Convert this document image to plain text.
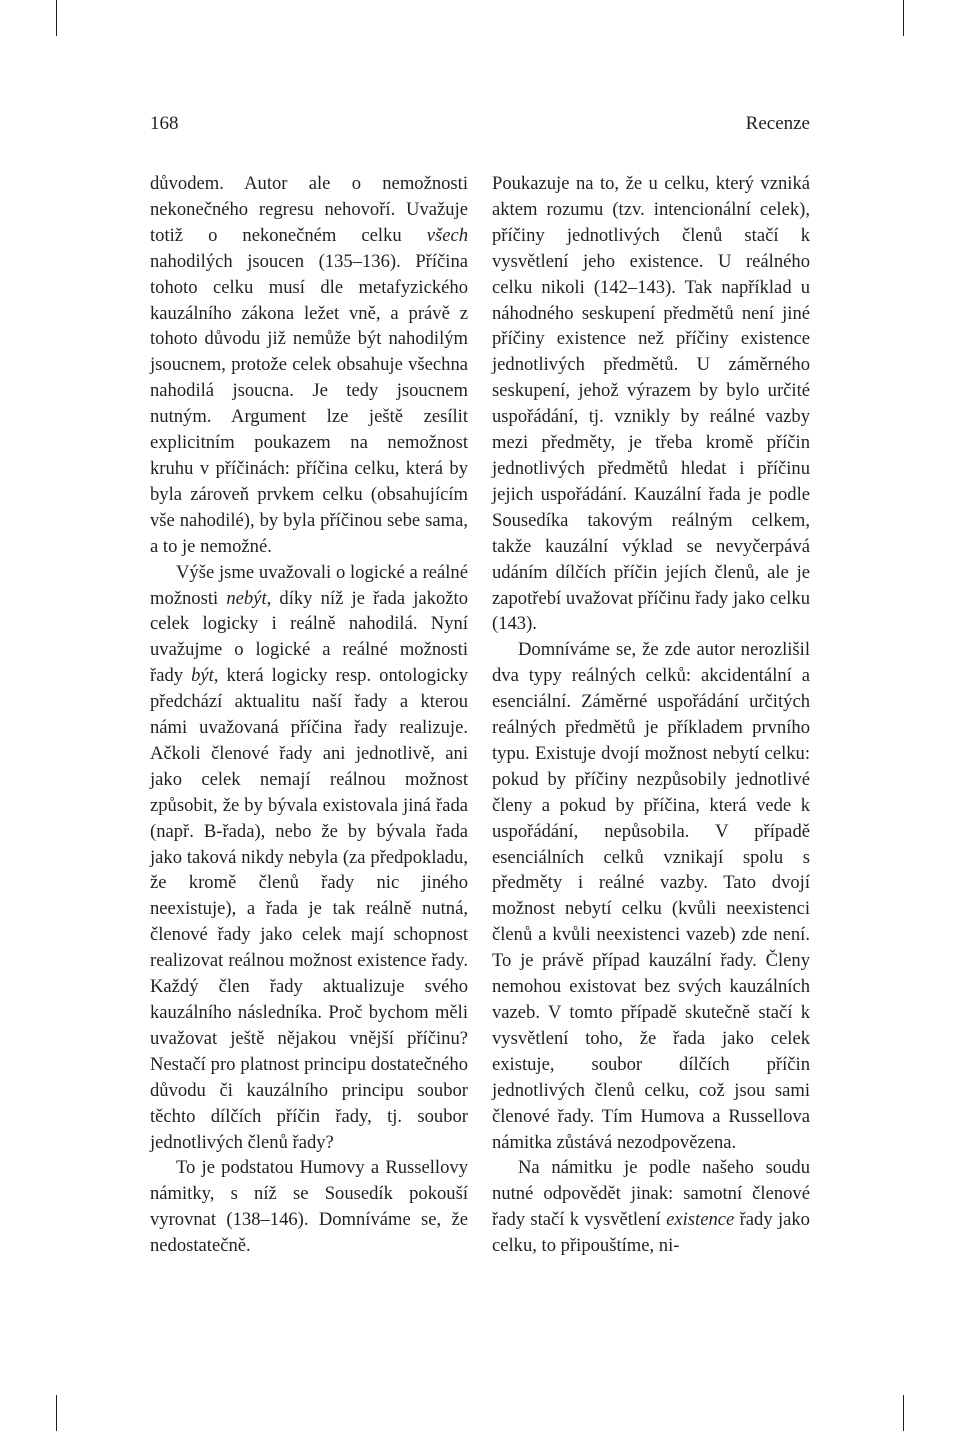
168	Recenze

důvodem. Autor ale o nemožnosti nekonečného regresu nehovoří. Uvažuje totiž o nekonečném celku všech nahodilých jsoucen (135–136). Příčina tohoto celku musí dle metafyzického kauzálního zákona ležet vně, a právě z tohoto důvodu již nemůže být nahodilým jsoucnem, protože celek obsahuje všechna nahodilá jsoucna. Je tedy jsoucnem nutným. Argument lze ještě zesílit explicitním poukazem na nemožnost kruhu v příčinách: příčina celku, která by byla zároveň prvkem celku (obsahujícím vše nahodilé), by byla příčinou sebe sama, a to je nemožné.

Výše jsme uvažovali o logické a reálné možnosti nebýt, díky níž je řada jakožto celek logicky i reálně nahodilá. Nyní uvažujme o logické a reálné možnosti řady být, která logicky resp. ontologicky předchází aktualitu naší řady a kterou námi uvažovaná příčina řady realizuje. Ačkoli členové řady ani jednotlivě, ani jako celek nemají reálnou možnost způsobit, že by bývala existovala jiná řada (např. B-řada), nebo že by bývala řada jako taková nikdy nebyla (za předpokladu, že kromě členů řady nic jiného neexistuje), a řada je tak reálně nutná, členové řady jako celek mají schopnost realizovat reálnou možnost existence řady. Každý člen řady aktualizuje svého kauzálního následníka. Proč bychom měli uvažovat ještě nějakou vnější příčinu? Nestačí pro platnost principu dostatečného důvodu či kauzálního principu soubor těchto dílčích příčin řady, tj. soubor jednotlivých členů řady?

To je podstatou Humovy a Russellovy námitky, s níž se Sousedík pokouší vyrovnat (138–146). Domníváme se, že nedostatečně.

Poukazuje na to, že u celku, který vzniká aktem rozumu (tzv. intencionální celek), příčiny jednotlivých členů stačí k vysvětlení jeho existence. U reálného celku nikoli (142–143). Tak například u náhodného seskupení předmětů není jiné příčiny existence než příčiny existence jednotlivých předmětů. U záměrného seskupení, jehož výrazem by bylo určité uspořádání, tj. vznikly by reálné vazby mezi předměty, je třeba kromě příčin jednotlivých předmětů hledat i příčinu jejich uspořádání. Kauzální řada je podle Sousedíka takovým reálným celkem, takže kauzální výklad se nevyčerpává udáním dílčích příčin jejích členů, ale je zapotřebí uvažovat příčinu řady jako celku (143).

Domníváme se, že zde autor nerozlišil dva typy reálných celků: akcidentální a esenciální. Záměrné uspořádání určitých reálných předmětů je příkladem prvního typu. Existuje dvojí možnost nebytí celku: pokud by příčiny nezpůsobily jednotlivé členy a pokud by příčina, která vede k uspořádání, nepůsobila. V případě esenciálních celků vznikají spolu s předměty i reálné vazby. Tato dvojí možnost nebytí celku (kvůli neexistenci členů a kvůli neexistenci vazeb) zde není. To je právě případ kauzální řady. Členy nemohou existovat bez svých kauzálních vazeb. V tomto případě skutečně stačí k vysvětlení toho, že řada jako celek existuje, soubor dílčích příčin jednotlivých členů celku, což jsou sami členové řady. Tím Humova a Russellova námitka zůstává nezodpovězena.

Na námitku je podle našeho soudu nutné odpovědět jinak: samotní členové řady stačí k vysvětlení existence řady jako celku, to připouštíme, ni-
